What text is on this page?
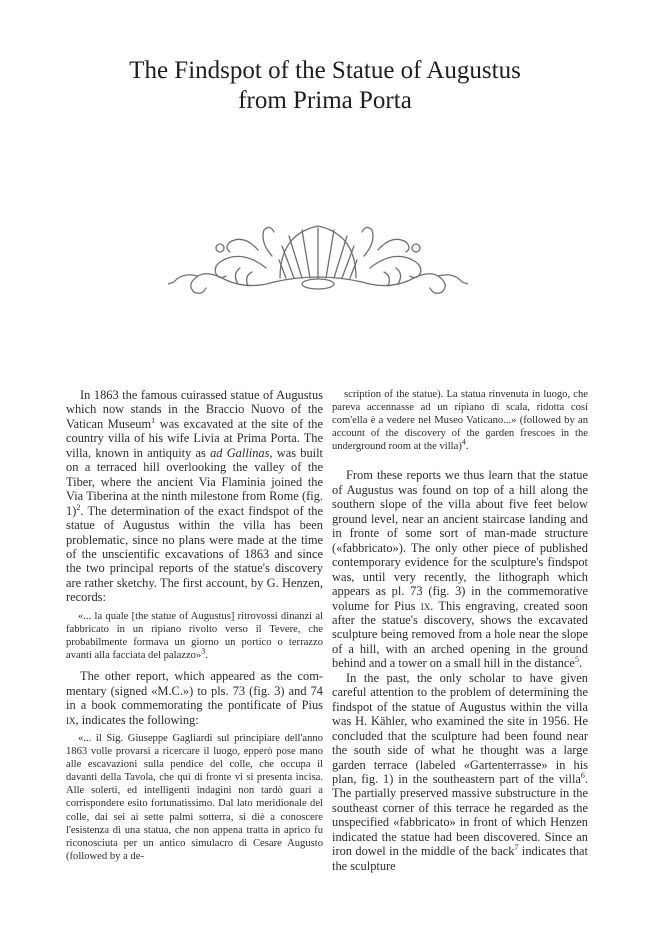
The Findspot of the Statue of Augustus
from Prima Porta

In 1863 the famous cuirassed statue of Augustus which now stands in the Braccio Nuovo of the Vatican Museum$^1$ was excavated at the site of the country villa of his wife Livia at Prima Porta. The villa, known in antiquity as ad Gallinas, was built on a terraced hill overlooking the valley of the Tiber, where the ancient Via Flaminia joined the Via Tiberina at the ninth milestone from Rome (fig. 1)$^2$. The determination of the exact findspot of the statue of Augustus within the villa has been problematic, since no plans were made at the time of the unscientific excavations of 1863 and since the two principal reports of the statue's discovery are rather sketchy. The first account, by G. Henzen, records:

«... la quale [the statue of Augustus] ritrovossi dinanzi al fabbricato in un ripiano rivolto verso il Tevere, che probabilmente formava un giorno un portico o terrazzo avanti alla facciata del palazzo»$^3$.

The other report, which appeared as the commentary (signed «M.C.») to pls. 73 (fig. 3) and 74 in a book commemorating the pontificate of Pius ix, indicates the following:

«... il Sig. Giuseppe Gagliardi sul principiare dell'anno 1863 volle provarsi a ricercare il luogo, epperò pose mano alle escavazioni sulla pendice del colle, che occupa il davanti della Tavola, che quì di fronte vi si presenta incisa. Alle solerti, ed intelligenti indagini non tardò guari a corrispondere esito fortunatissimo. Dal lato meridionale del colle, dai sei ai sette palmi sotterra, si diè a conoscere l'esistenza di una statua, che non appena tratta in aprico fu riconosciuta per un antico simulacro di Cesare Augusto (followed by a de-

scription of the statue). La statua rinvenuta in luogo, che pareva accennasse ad un ripiano di scala, ridotta cosí com'ella è a vedere nel Museo Vaticano...» (followed by an account of the discovery of the garden frescoes in the underground room at the villa)$^4$.

From these reports we thus learn that the statue of Augustus was found on top of a hill along the southern slope of the villa about five feet below ground level, near an ancient staircase landing and in fronte of some sort of man-made structure («fabbricato»). The only other piece of published contemporary evidence for the sculpture's findspot was, until very recently, the lithograph which appears as pl. 73 (fig. 3) in the commemorative volume for Pius ix. This engraving, created soon after the statue's discovery, shows the excavated sculpture being removed from a hole near the slope of a hill, with an arched opening in the ground behind and a tower on a small hill in the distance$^5$.

In the past, the only scholar to have given careful attention to the problem of determining the findspot of the statue of Augustus within the villa was H. Kähler, who examined the site in 1956. He concluded that the sculpture had been found near the south side of what he thought was a large garden terrace (labeled «Gartenterrasse» in his plan, fig. 1) in the southeastern part of the villa$^6$. The partially preserved massive substructure in the southeast corner of this terrace he regarded as the unspecified «fabbricato» in front of which Henzen indicated the statue had been discovered. Since an iron dowel in the middle of the back$^7$ indicates that the sculpture
